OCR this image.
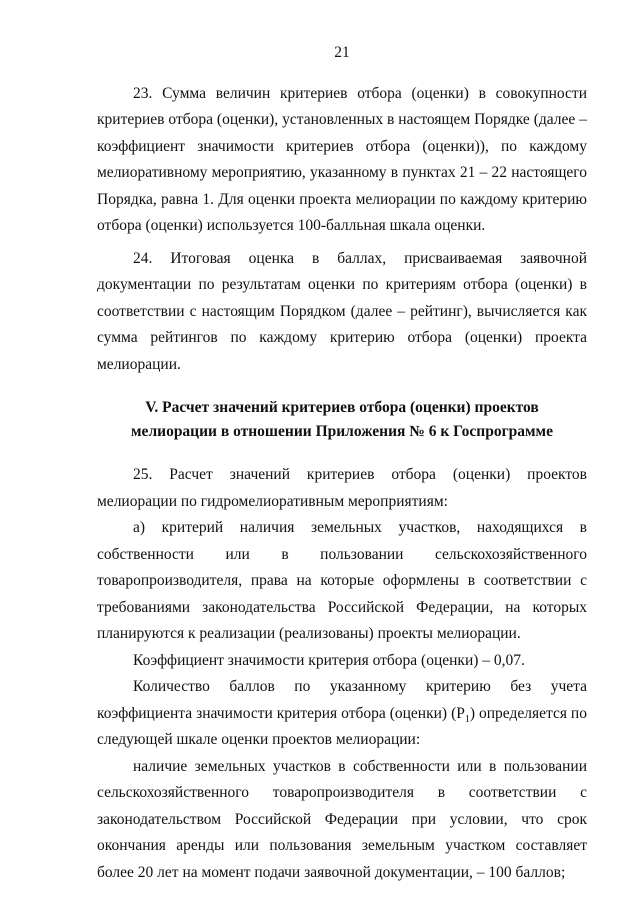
21

23. Сумма величин критериев отбора (оценки) в совокупности критериев отбора (оценки), установленных в настоящем Порядке (далее – коэффициент значимости критериев отбора (оценки)), по каждому мелиоративному мероприятию, указанному в пунктах 21 – 22 настоящего Порядка, равна 1. Для оценки проекта мелиорации по каждому критерию отбора (оценки) используется 100-балльная шкала оценки.

24. Итоговая оценка в баллах, присваиваемая заявочной документации по результатам оценки по критериям отбора (оценки) в соответствии с настоящим Порядком (далее – рейтинг), вычисляется как сумма рейтингов по каждому критерию отбора (оценки) проекта мелиорации.

V. Расчет значений критериев отбора (оценки) проектов

мелиорации в отношении Приложения № 6 к Госпрограмме

25. Расчет значений критериев отбора (оценки) проектов мелиорации по гидромелиоративным мероприятиям:

а) критерий наличия земельных участков, находящихся в собственности или в пользовании сельскохозяйственного товаропроизводителя, права на которые оформлены в соответствии с требованиями законодательства Российской Федерации, на которых планируются к реализации (реализованы) проекты мелиорации.

Коэффициент значимости критерия отбора (оценки) – 0,07.

Количество баллов по указанному критерию без учета коэффициента значимости критерия отбора (оценки) $(Р_1)$ определяется по следующей шкале оценки проектов мелиорации:

наличие земельных участков в собственности или в пользовании сельскохозяйственного товаропроизводителя в соответствии с законодательством Российской Федерации при условии, что срок окончания аренды или пользования земельным участком составляет более 20 лет на момент подачи заявочной документации, – 100 баллов;
